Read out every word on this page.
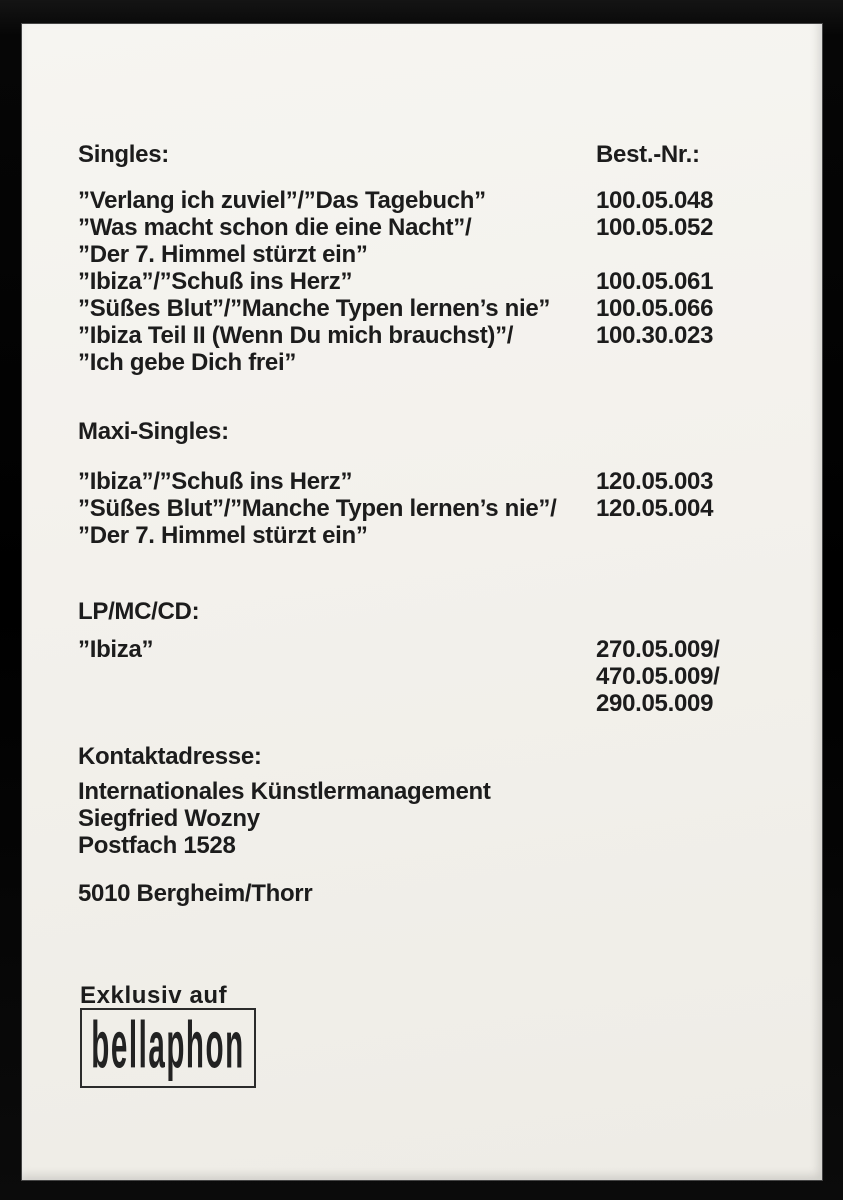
Singles:	Best.-Nr.:
”Verlang ich zuviel”/”Das Tagebuch”	100.05.048
”Was macht schon die eine Nacht”/	100.05.052
”Der 7. Himmel stürzt ein”
”Ibiza”/”Schuß ins Herz”	100.05.061
”Süßes Blut”/”Manche Typen lernen’s nie”	100.05.066
”Ibiza Teil II (Wenn Du mich brauchst)”/	100.30.023
”Ich gebe Dich frei”
Maxi-Singles:
”Ibiza”/”Schuß ins Herz”	120.05.003
”Süßes Blut”/”Manche Typen lernen’s nie”/	120.05.004
”Der 7. Himmel stürzt ein”
LP/MC/CD:
”Ibiza”	270.05.009/
470.05.009/
290.05.009
Kontaktadresse:
Internationales Künstlermanagement
Siegfried Wozny
Postfach 1528
5010 Bergheim/Thorr
Exklusiv auf
bellaphon
